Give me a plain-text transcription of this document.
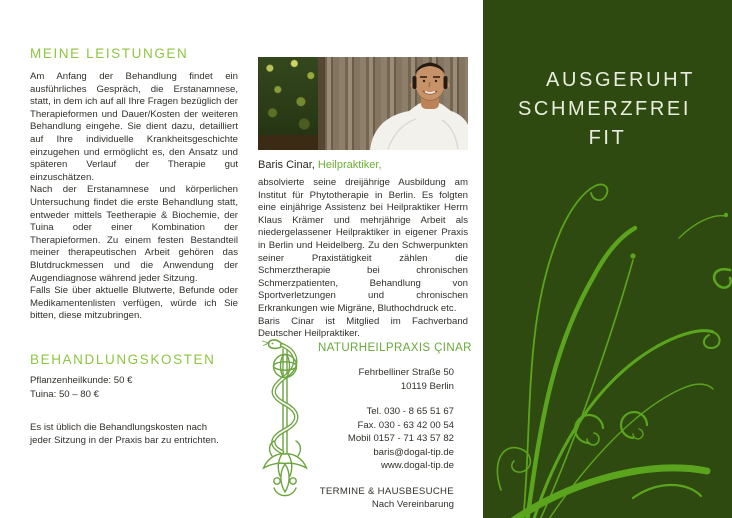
MEINE LEISTUNGEN

Am Anfang der Behandlung findet ein ausführliches Gespräch, die Erstanamnese, statt, in dem ich auf all Ihre Fragen bezüglich der Therapieformen und Dauer/Kosten der weiteren Behandlung eingehe. Sie dient dazu, detailliert auf Ihre individuelle Krankheitsgeschichte einzugehen und ermöglicht es, den Ansatz und späteren Verlauf der Therapie gut einzuschätzen.

Nach der Erstanamnese und körperlichen Untersuchung findet die erste Behandlung statt, entweder mittels Teetherapie & Biochemie, der Tuina oder einer Kombination der Therapieformen. Zu einem festen Bestandteil meiner therapeutischen Arbeit gehören das Blutdruckmessen und die Anwendung der Augendiagnose während jeder Sitzung.

Falls Sie über aktuelle Blutwerte, Befunde oder Medikamentenlisten verfügen, würde ich Sie bitten, diese mitzubringen.

BEHANDLUNGSKOSTEN
Pflanzenheilkunde: 50 €
Tuina: 50 – 80 €

Es ist üblich die Behandlungskosten nach jeder Sitzung in der Praxis bar zu entrichten.

Baris Cinar, Heilpraktiker,

absolvierte seine dreijährige Ausbildung am Institut für Phytotherapie in Berlin. Es folgten eine einjährige Assistenz bei Heilpraktiker Herrn Klaus Krämer und mehrjährige Arbeit als niedergelassener Heilpraktiker in eigener Praxis in Berlin und Heidelberg. Zu den Schwerpunkten seiner Praxistätigkeit zählen die Schmerztherapie bei chronischen Schmerzpatienten, Behandlung von Sportverletzungen und chronischen Erkrankungen wie Migräne, Bluthochdruck etc.

Baris Cinar ist Mitglied im Fachverband Deutscher Heilpraktiker.

NATURHEILPRAXIS ÇINAR
Fehrbelliner Straße 50
10119 Berlin
Tel. 030 - 8 65 51 67
Fax. 030 - 63 42 00 54
Mobil 0157 - 71 43 57 82
baris@dogal-tip.de
www.dogal-tip.de
TERMINE & HAUSBESUCHE
Nach Vereinbarung
AUSGERUHT
SCHMERZFREI
FIT
